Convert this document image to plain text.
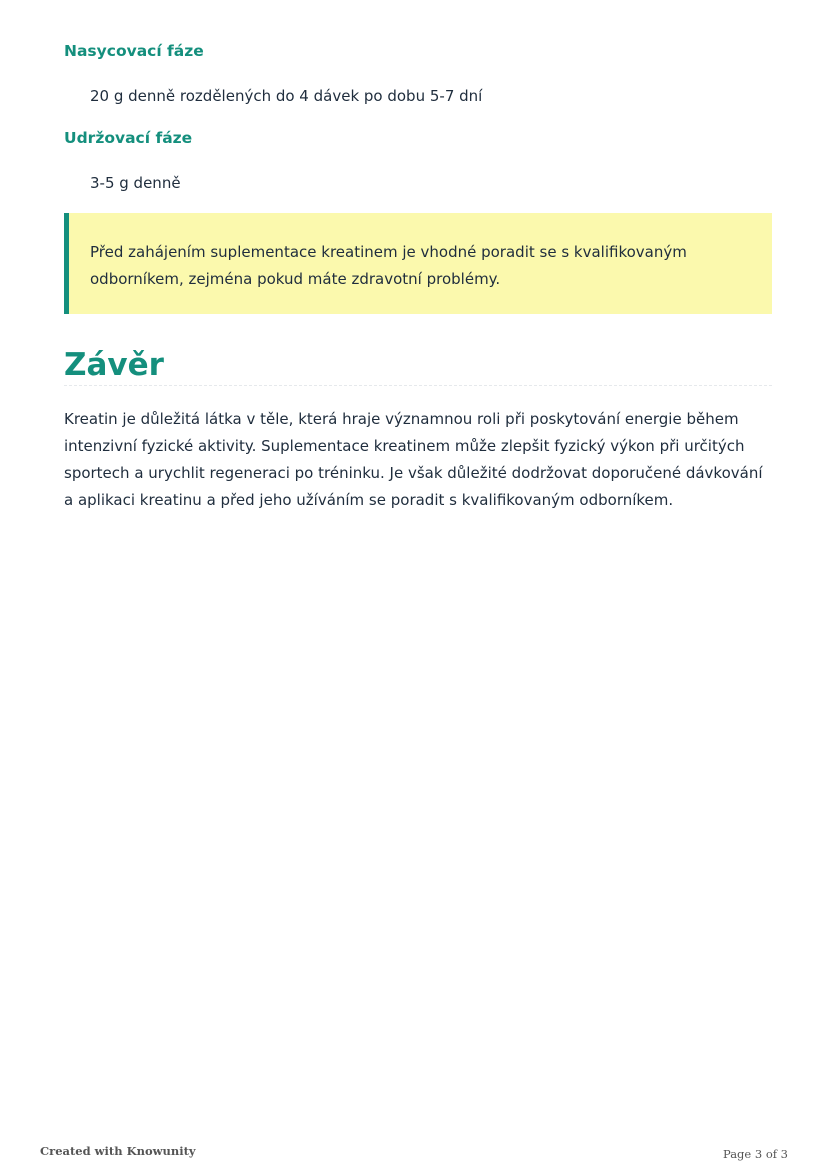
Nasycovací fáze

20 g denně rozdělených do 4 dávek po dobu 5-7 dní

Udržovací fáze

3-5 g denně

Před zahájením suplementace kreatinem je vhodné poradit se s kvalifikovaným odborníkem, zejména pokud máte zdravotní problémy.

Závěr

Kreatin je důležitá látka v těle, která hraje významnou roli při poskytování energie během intenzivní fyzické aktivity. Suplementace kreatinem může zlepšit fyzický výkon při určitých sportech a urychlit regeneraci po tréninku. Je však důležité dodržovat doporučené dávkování a aplikaci kreatinu a před jeho užíváním se poradit s kvalifikovaným odborníkem.

Created with Knowunity	Page 3 of 3
